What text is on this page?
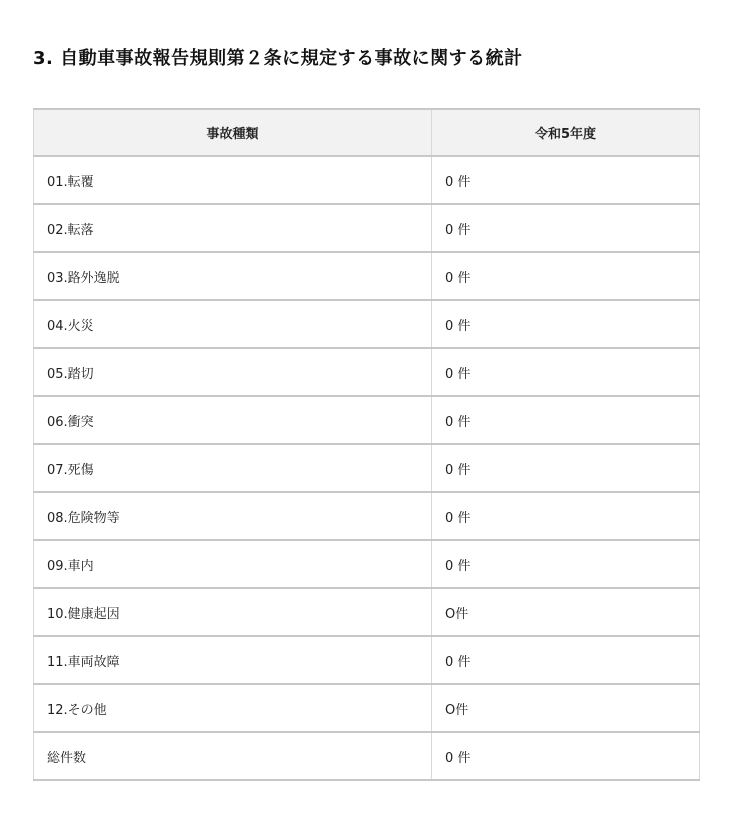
3. 自動車事故報告規則第２条に規定する事故に関する統計
事故種類	令和5年度
01.転覆	0 件
02.転落	0 件
03.路外逸脱	0 件
04.火災	0 件
05.踏切	0 件
06.衝突	0 件
07.死傷	0 件
08.危険物等	0 件
09.車内	0 件
10.健康起因	O件
11.車両故障	0 件
12.その他	O件
総件数	0 件
